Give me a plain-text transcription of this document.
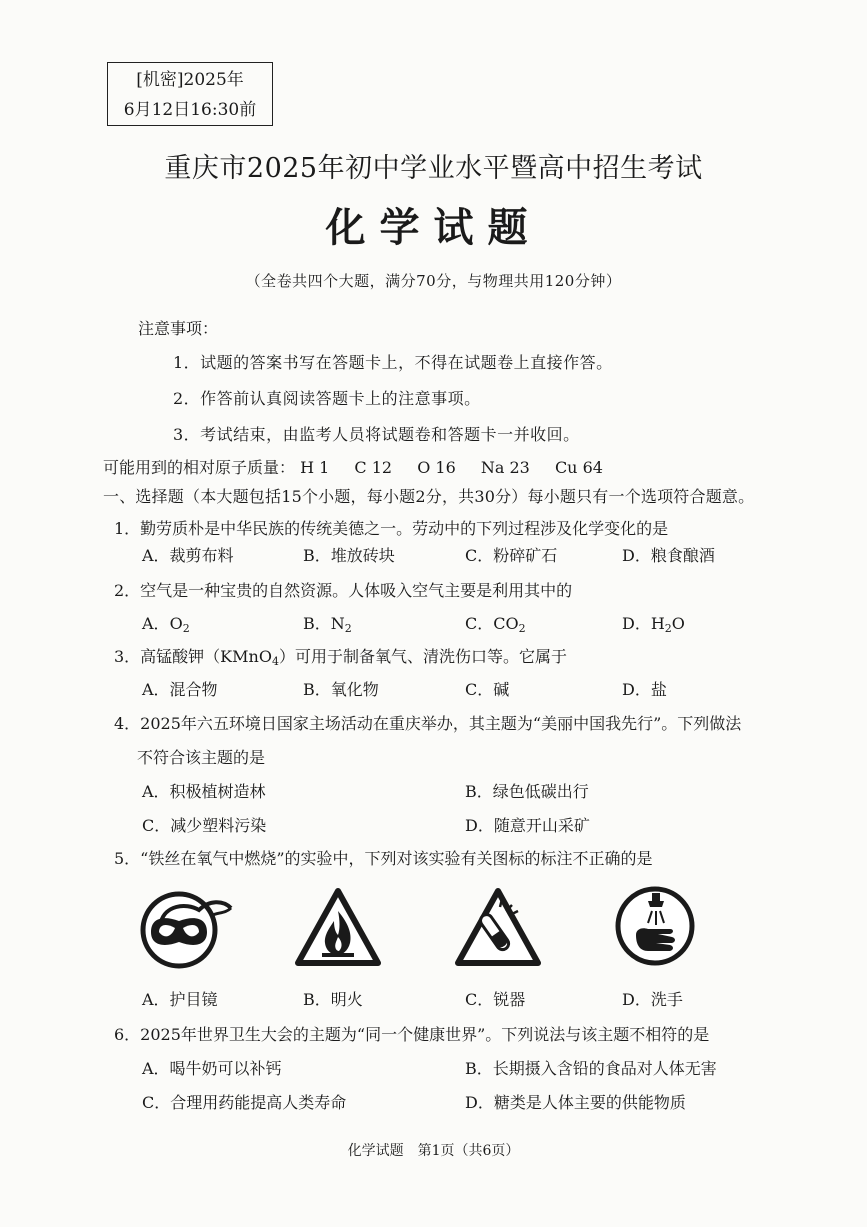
[机密]2025年
6月12日16:30前
重庆市2025年初中学业水平暨高中招生考试
化学试题
（全卷共四个大题，满分70分，与物理共用120分钟）
注意事项：
1．试题的答案书写在答题卡上，不得在试题卷上直接作答。
2．作答前认真阅读答题卡上的注意事项。
3．考试结束，由监考人员将试题卷和答题卡一并收回。
可能用到的相对原子质量： H 1 C 12 O 16 Na 23 Cu 64
一、选择题（本大题包括15个小题，每小题2分，共30分）每小题只有一个选项符合题意。
1．勤劳质朴是中华民族的传统美德之一。劳动中的下列过程涉及化学变化的是
A．裁剪布料	B．堆放砖块	C．粉碎矿石	D．粮食酿酒
2．空气是一种宝贵的自然资源。人体吸入空气主要是利用其中的
A．$O_2$	B．$N_2$	C．$CO_2$	D．$H_2O$
3．高锰酸钾（KMnO$_4$）可用于制备氧气、清洗伤口等。它属于
A．混合物	B．氧化物	C．碱	D．盐
4．2025年六五环境日国家主场活动在重庆举办，其主题为“美丽中国我先行”。下列做法
不符合该主题的是
A．积极植树造林	B．绿色低碳出行
C．减少塑料污染	D．随意开山采矿
5．“铁丝在氧气中燃烧”的实验中，下列对该实验有关图标的标注不正确的是
A．护目镜	B．明火	C．锐器	D．洗手
6．2025年世界卫生大会的主题为“同一个健康世界”。下列说法与该主题不相符的是
A．喝牛奶可以补钙	B．长期摄入含铅的食品对人体无害
C．合理用药能提高人类寿命	D．糖类是人体主要的供能物质
化学试题　第1页（共6页）
